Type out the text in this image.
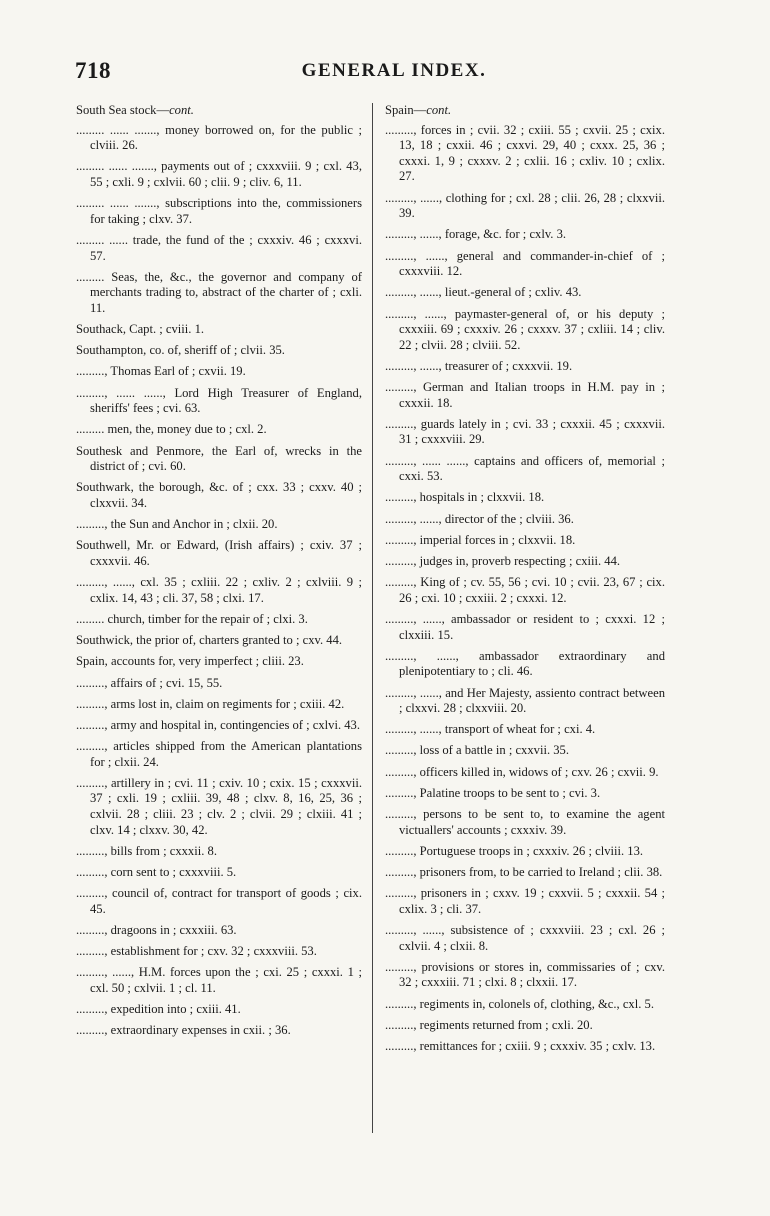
718	GENERAL INDEX.
South Sea stock—cont.
......... ...... ......., money borrowed on, for the public ; clviii. 26.
......... ...... ......., payments out of ; cxxxviii. 9 ; cxl. 43, 55 ; cxli. 9 ; cxlvii. 60 ; clii. 9 ; cliv. 6, 11.
......... ...... ......., subscriptions into the, commissioners for taking ; clxv. 37.
......... ...... trade, the fund of the ; cxxxiv. 46 ; cxxxvi. 57.
......... Seas, the, &c., the governor and company of merchants trading to, abstract of the charter of ; cxli. 11.
Southack, Capt. ; cviii. 1.
Southampton, co. of, sheriff of ; clvii. 35.
........., Thomas Earl of ; cxvii. 19.
........., ...... ......, Lord High Treasurer of England, sheriffs' fees ; cvi. 63.
......... men, the, money due to ; cxl. 2.
Southesk and Penmore, the Earl of, wrecks in the district of ; cvi. 60.
Southwark, the borough, &c. of ; cxx. 33 ; cxxv. 40 ; clxxvii. 34.
........., the Sun and Anchor in ; clxii. 20.
Southwell, Mr. or Edward, (Irish affairs) ; cxiv. 37 ; cxxxvii. 46.
........., ......, cxl. 35 ; cxliii. 22 ; cxliv. 2 ; cxlviii. 9 ; cxlix. 14, 43 ; cli. 37, 58 ; clxi. 17.
......... church, timber for the repair of ; clxi. 3.
Southwick, the prior of, charters granted to ; cxv. 44.
Spain, accounts for, very imperfect ; cliii. 23.
........., affairs of ; cvi. 15, 55.
........., arms lost in, claim on regiments for ; cxiii. 42.
........., army and hospital in, contingencies of ; cxlvi. 43.
........., articles shipped from the American plantations for ; clxii. 24.
........., artillery in ; cvi. 11 ; cxiv. 10 ; cxix. 15 ; cxxxvii. 37 ; cxli. 19 ; cxliii. 39, 48 ; clxv. 8, 16, 25, 36 ; cxlvii. 28 ; cliii. 23 ; clv. 2 ; clvii. 29 ; clxiii. 41 ; clxv. 14 ; clxxv. 30, 42.
........., bills from ; cxxxii. 8.
........., corn sent to ; cxxxviii. 5.
........., council of, contract for transport of goods ; cix. 45.
........., dragoons in ; cxxxiii. 63.
........., establishment for ; cxv. 32 ; cxxxviii. 53.
........., ......, H.M. forces upon the ; cxi. 25 ; cxxxi. 1 ; cxl. 50 ; cxlvii. 1 ; cl. 11.
........., expedition into ; cxiii. 41.
........., extraordinary expenses in cxii. ; 36.
Spain—cont.
........., forces in ; cvii. 32 ; cxiii. 55 ; cxvii. 25 ; cxix. 13, 18 ; cxxii. 46 ; cxxvi. 29, 40 ; cxxx. 25, 36 ; cxxxi. 1, 9 ; cxxxv. 2 ; cxlii. 16 ; cxliv. 10 ; cxlix. 27.
........., ......, clothing for ; cxl. 28 ; clii. 26, 28 ; clxxvii. 39.
........., ......, forage, &c. for ; cxlv. 3.
........., ......, general and commander-in-chief of ; cxxxviii. 12.
........., ......, lieut.-general of ; cxliv. 43.
........., ......, paymaster-general of, or his deputy ; cxxxiii. 69 ; cxxxiv. 26 ; cxxxv. 37 ; cxliii. 14 ; cliv. 22 ; clvii. 28 ; clviii. 52.
........., ......, treasurer of ; cxxxvii. 19.
........., German and Italian troops in H.M. pay in ; cxxxii. 18.
........., guards lately in ; cvi. 33 ; cxxxii. 45 ; cxxxvii. 31 ; cxxxviii. 29.
........., ...... ......, captains and officers of, memorial ; cxxi. 53.
........., hospitals in ; clxxvii. 18.
........., ......, director of the ; clviii. 36.
........., imperial forces in ; clxxvii. 18.
........., judges in, proverb respecting ; cxiii. 44.
........., King of ; cv. 55, 56 ; cvi. 10 ; cvii. 23, 67 ; cix. 26 ; cxi. 10 ; cxxiii. 2 ; cxxxi. 12.
........., ......, ambassador or resident to ; cxxxi. 12 ; clxxiii. 15.
........., ......, ambassador extraordinary and plenipotentiary to ; cli. 46.
........., ......, and Her Majesty, assiento contract between ; clxxvi. 28 ; clxxviii. 20.
........., ......, transport of wheat for ; cxi. 4.
........., loss of a battle in ; cxxvii. 35.
........., officers killed in, widows of ; cxv. 26 ; cxvii. 9.
........., Palatine troops to be sent to ; cvi. 3.
........., persons to be sent to, to examine the agent victuallers' accounts ; cxxxiv. 39.
........., Portuguese troops in ; cxxxiv. 26 ; clviii. 13.
........., prisoners from, to be carried to Ireland ; clii. 38.
........., prisoners in ; cxxv. 19 ; cxxvii. 5 ; cxxxii. 54 ; cxlix. 3 ; cli. 37.
........., ......, subsistence of ; cxxxviii. 23 ; cxl. 26 ; cxlvii. 4 ; clxii. 8.
........., provisions or stores in, commissaries of ; cxv. 32 ; cxxxiii. 71 ; clxi. 8 ; clxxii. 17.
........., regiments in, colonels of, clothing, &c., cxl. 5.
........., regiments returned from ; cxli. 20.
........., remittances for ; cxiii. 9 ; cxxxiv. 35 ; cxlv. 13.
